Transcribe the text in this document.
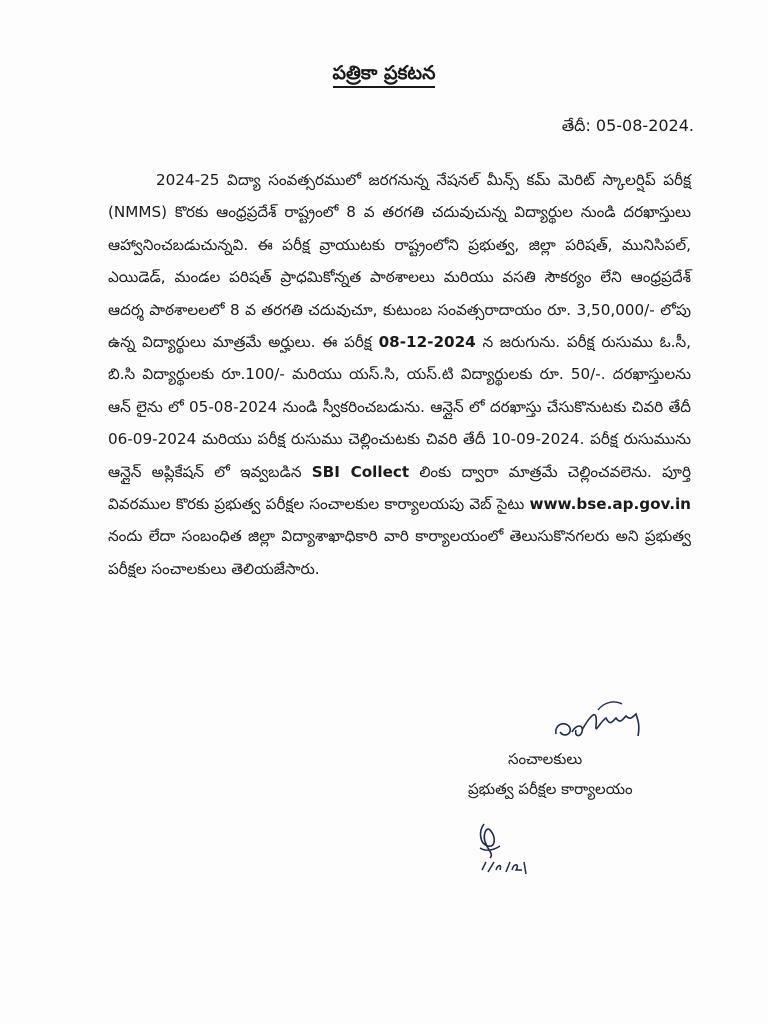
పత్రికా ప్రకటన
తేదీ: 05-08-2024.
2024-25 విద్యా సంవత్సరములో జరగనున్న నేషనల్ మీన్స్ కమ్ మెరిట్ స్కాలర్షిప్ పరీక్ష (NMMS) కొరకు ఆంధ్రప్రదేశ్ రాష్ట్రంలో 8 వ తరగతి చదువుచున్న విద్యార్థుల నుండి దరఖాస్తులు ఆహ్వానించబడుచున్నవి. ఈ పరీక్ష వ్రాయుటకు రాష్ట్రంలోని ప్రభుత్వ, జిల్లా పరిషత్, మునిసిపల్, ఎయిడెడ్, మండల పరిషత్ ప్రాధమికోన్నత పాఠశాలలు మరియు వసతి సౌకర్యం లేని ఆంధ్రప్రదేశ్ ఆదర్శ పాఠశాలలలో 8 వ తరగతి చదువుచూ, కుటుంబ సంవత్సరాదాయం రూ. 3,50,000/- లోపు ఉన్న విద్యార్థులు మాత్రమే అర్హులు. ఈ పరీక్ష 08-12-2024 న జరుగును. పరీక్ష రుసుము ఓ.సీ, బి.సి విద్యార్థులకు రూ.100/- మరియు యస్.సి, యస్.టి విద్యార్థులకు రూ. 50/-. దరఖాస్తులను ఆన్ లైను లో 05-08-2024 నుండి స్వీకరించబడును. ఆన్లైన్ లో దరఖాస్తు చేసుకొనుటకు చివరి తేదీ 06-09-2024 మరియు పరీక్ష రుసుము చెల్లించుటకు చివరి తేదీ 10-09-2024. పరీక్ష రుసుమును ఆన్లైన్ అప్లికేషన్ లో ఇవ్వబడిన SBI Collect లింకు ద్వారా మాత్రమే చెల్లించవలెను. పూర్తి వివరముల కొరకు ప్రభుత్వ పరీక్షల సంచాలకుల కార్యాలయపు వెబ్ సైటు www.bse.ap.gov.in నందు లేదా సంబంధిత జిల్లా విద్యాశాఖాధికారి వారి కార్యాలయంలో తెలుసుకొనగలరు అని ప్రభుత్వ పరీక్షల సంచాలకులు తెలియజేసారు.
సంచాలకులు
ప్రభుత్వ పరీక్షల కార్యాలయం
